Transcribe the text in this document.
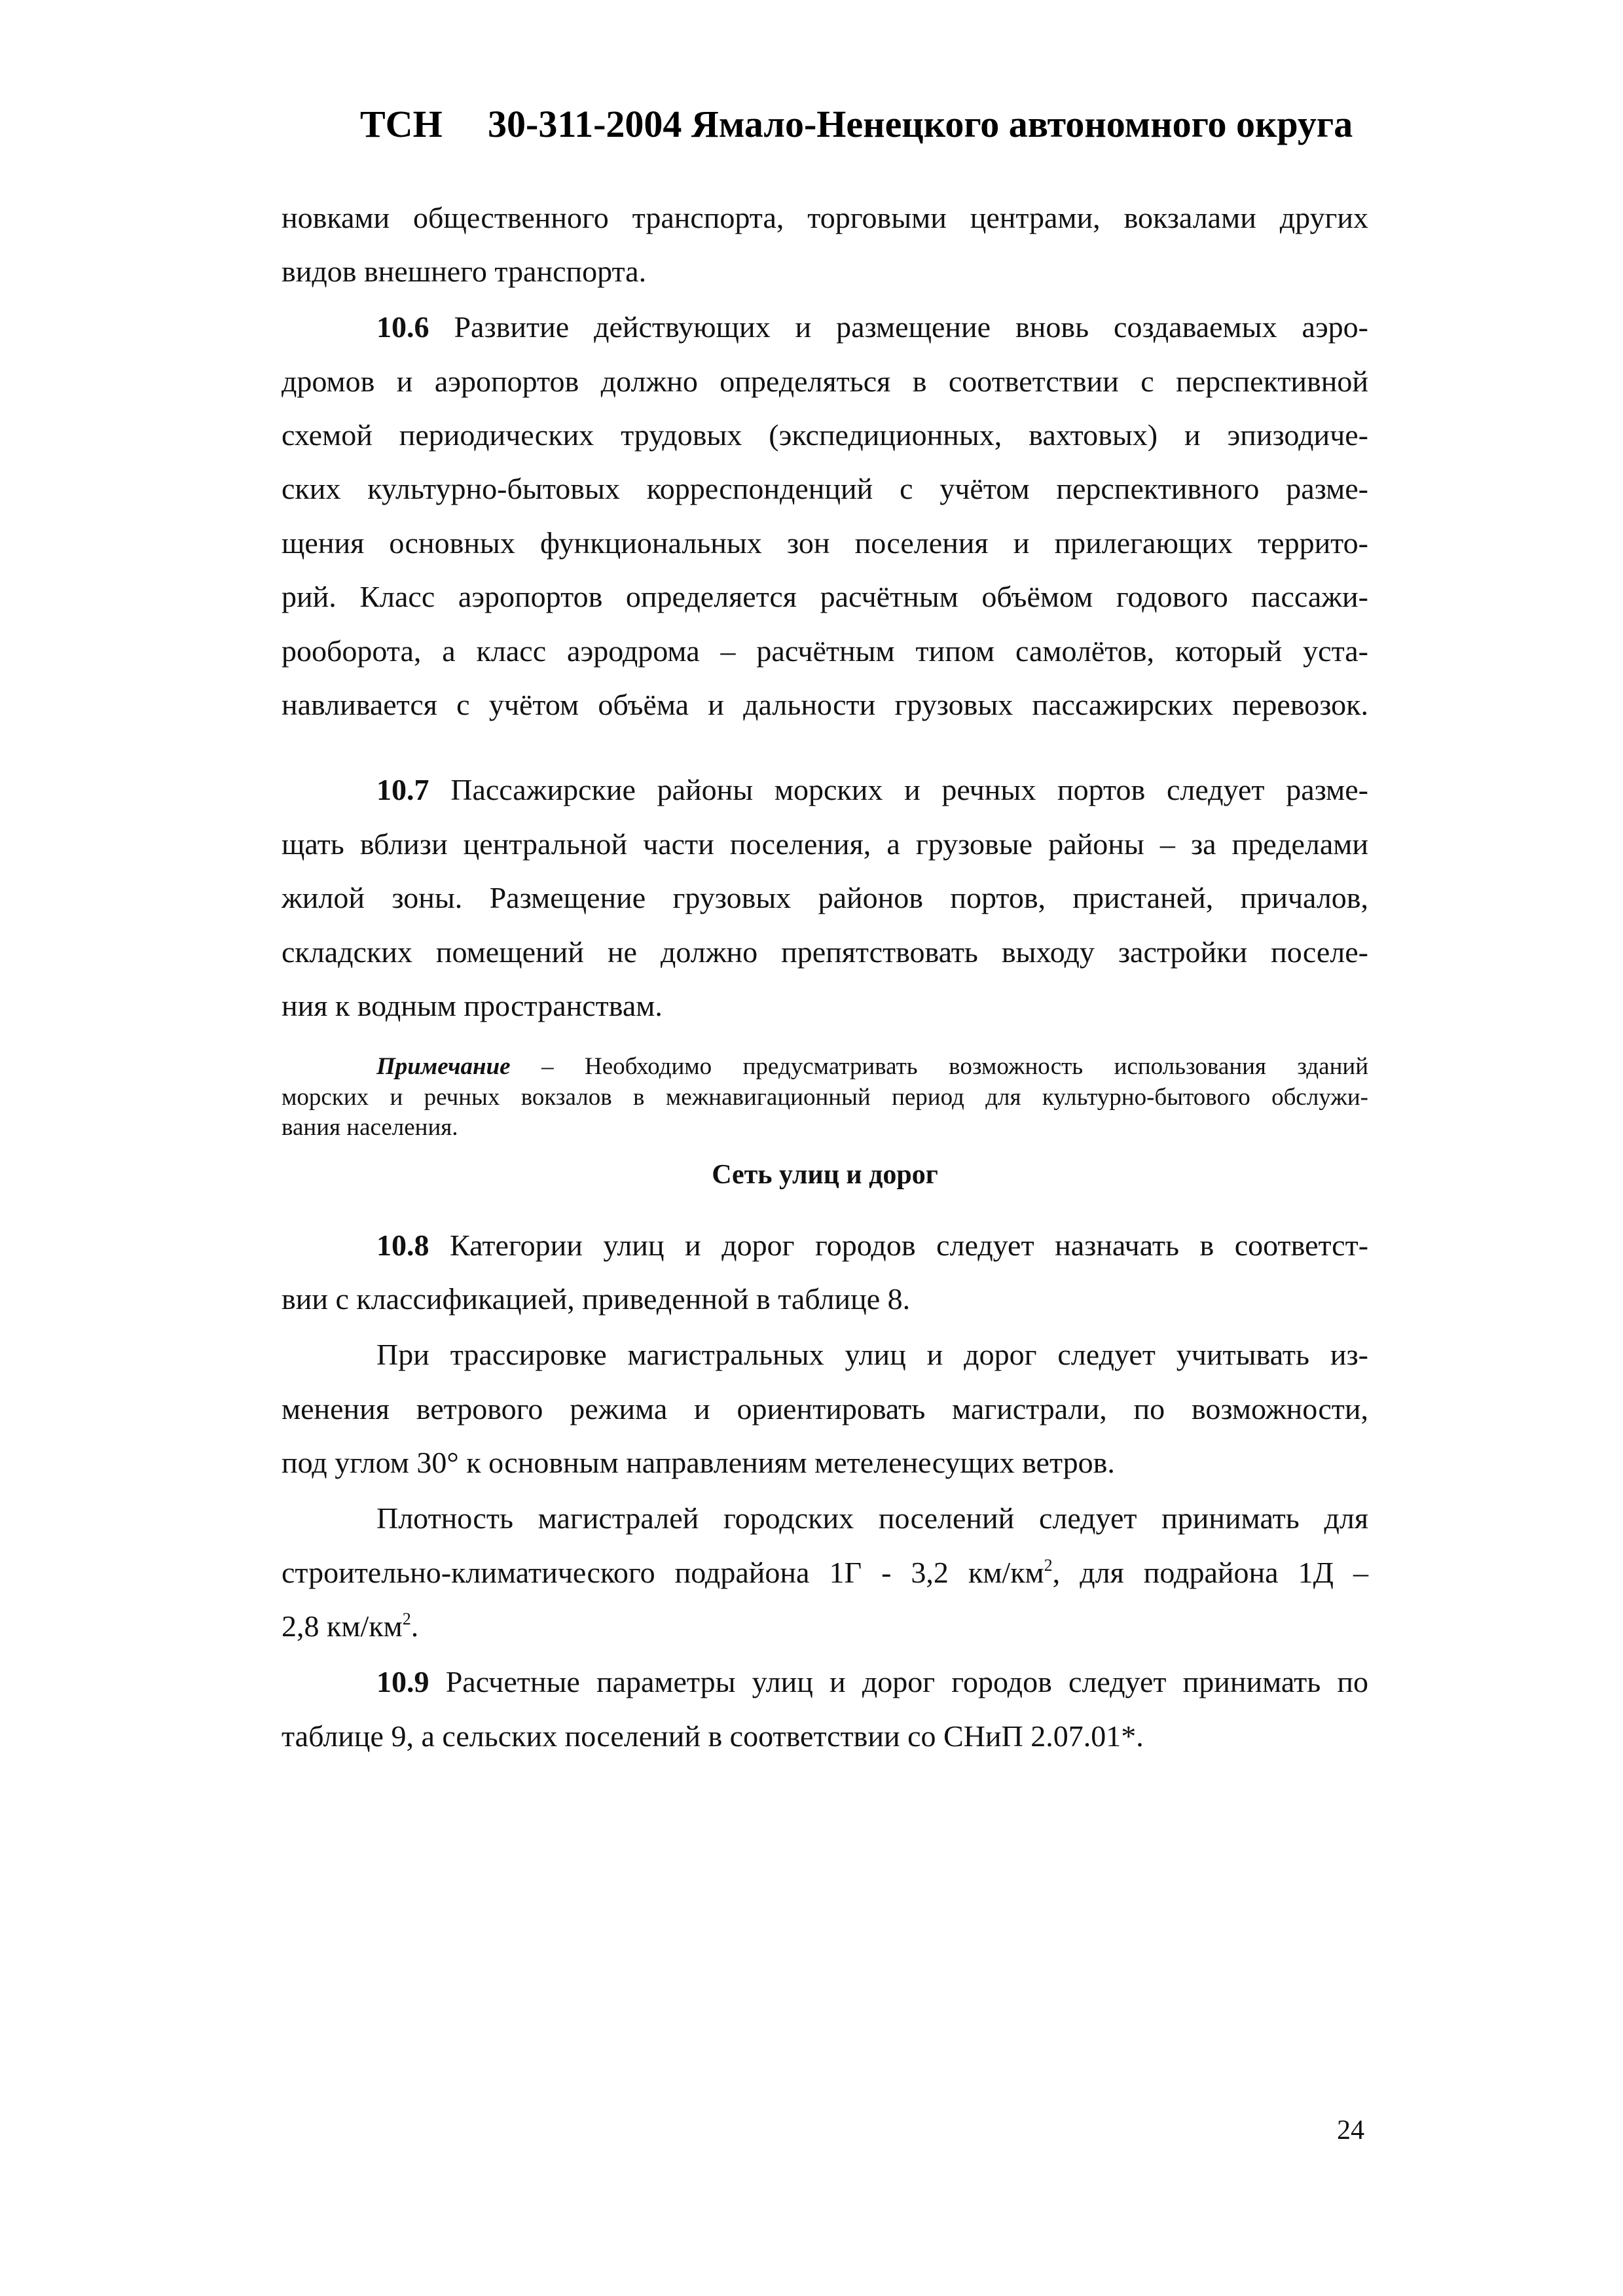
ТСН 30-311-2004 Ямало-Ненецкого автономного округа
новками общественного транспорта, торговыми центрами, вокзалами других
видов внешнего транспорта.
10.6 Развитие действующих и размещение вновь создаваемых аэро-
дромов и аэропортов должно определяться в соответствии с перспективной
схемой периодических трудовых (экспедиционных, вахтовых) и эпизодиче-
ских культурно-бытовых корреспонденций с учётом перспективного разме-
щения основных функциональных зон поселения и прилегающих террито-
рий. Класс аэропортов определяется расчётным объёмом годового пассажи-
рооборота, а класс аэродрома – расчётным типом самолётов, который уста-
навливается с учётом объёма и дальности грузовых пассажирских перевозок.
10.7 Пассажирские районы морских и речных портов следует разме-
щать вблизи центральной части поселения, а грузовые районы – за пределами
жилой зоны. Размещение грузовых районов портов, пристаней, причалов,
складских помещений не должно препятствовать выходу застройки поселе-
ния к водным пространствам.
Примечание – Необходимо предусматривать возможность использования зданий
морских и речных вокзалов в межнавигационный период для культурно-бытового обслужи-
вания населения.
Сеть улиц и дорог
10.8 Категории улиц и дорог городов следует назначать в соответст-
вии с классификацией, приведенной в таблице 8.
При трассировке магистральных улиц и дорог следует учитывать из-
менения ветрового режима и ориентировать магистрали, по возможности,
под углом 30° к основным направлениям метеленесущих ветров.
Плотность магистралей городских поселений следует принимать для
строительно-климатического подрайона 1Г - 3,2 $км/км^2$, для подрайона 1Д –
2,8 $км/км^2$.
10.9 Расчетные параметры улиц и дорог городов следует принимать по
таблице 9, а сельских поселений в соответствии со СНиП 2.07.01*.
24
